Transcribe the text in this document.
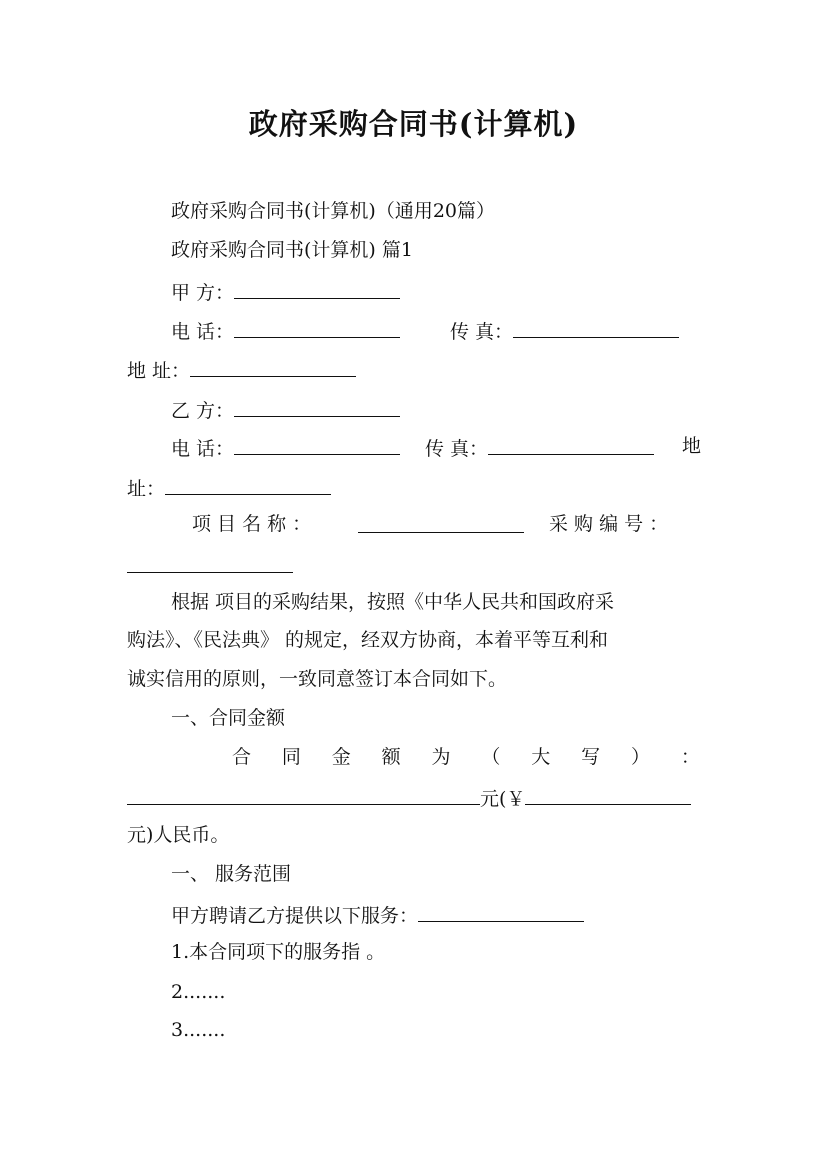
政府采购合同书(计算机)
政府采购合同书(计算机)（通用20篇）
政府采购合同书(计算机) 篇1
甲 方：
电 话：	传 真：
地 址：
乙 方：
电 话：	传 真：	地
址：
项 目 名 称 ：	采 购 编 号 ：
根据 项目的采购结果，按照《中华人民共和国政府采
购法》、《民法典》 的规定，经双方协商，本着平等互利和
诚实信用的原则，一致同意签订本合同如下。
一、合同金额
合 同 金 额 为 （ 大 写 ） ：
元(￥
元)人民币。
一、 服务范围
甲方聘请乙方提供以下服务：
1.本合同项下的服务指 。
2.......
3.......
